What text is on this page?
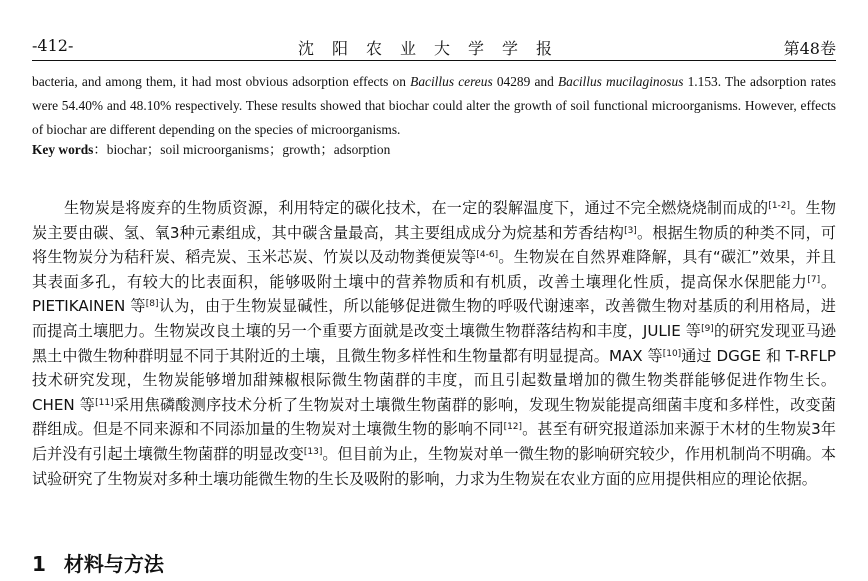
-412-	沈阳农业大学学报	第48卷

bacteria, and among them, it had most obvious adsorption effects on Bacillus cereus 04289 and Bacillus mucilaginosus 1.153. The adsorption rates were 54.40% and 48.10% respectively. These results showed that biochar could alter the growth of soil functional microorganisms. However, effects of biochar are different depending on the species of microorganisms.

Key words：biochar；soil microorganisms；growth；adsorption

生物炭是将废弃的生物质资源，利用特定的碳化技术，在一定的裂解温度下，通过不完全燃烧烧制而成的[1-2]。生物炭主要由碳、氢、氧3种元素组成，其中碳含量最高，其主要组成成分为烷基和芳香结构[3]。根据生物质的种类不同，可将生物炭分为秸秆炭、稻壳炭、玉米芯炭、竹炭以及动物粪便炭等[4-6]。生物炭在自然界难降解，具有“碳汇”效果，并且其表面多孔，有较大的比表面积，能够吸附土壤中的营养物质和有机质，改善土壤理化性质，提高保水保肥能力[7]。PIETIKAINEN 等[8]认为，由于生物炭显碱性，所以能够促进微生物的呼吸代谢速率，改善微生物对基质的利用格局，进而提高土壤肥力。生物炭改良土壤的另一个重要方面就是改变土壤微生物群落结构和丰度，JULIE 等[9]的研究发现亚马逊黑土中微生物种群明显不同于其附近的土壤，且微生物多样性和生物量都有明显提高。MAX 等[10]通过 DGGE 和 T-RFLP 技术研究发现，生物炭能够增加甜辣椒根际微生物菌群的丰度，而且引起数量增加的微生物类群能够促进作物生长。CHEN 等[11]采用焦磷酸测序技术分析了生物炭对土壤微生物菌群的影响，发现生物炭能提高细菌丰度和多样性，改变菌群组成。但是不同来源和不同添加量的生物炭对土壤微生物的影响不同[12]。甚至有研究报道添加来源于木材的生物炭3年后并没有引起土壤微生物菌群的明显改变[13]。但目前为止，生物炭对单一微生物的影响研究较少，作用机制尚不明确。本试验研究了生物炭对多种土壤功能微生物的生长及吸附的影响，力求为生物炭在农业方面的应用提供相应的理论依据。

1 材料与方法
